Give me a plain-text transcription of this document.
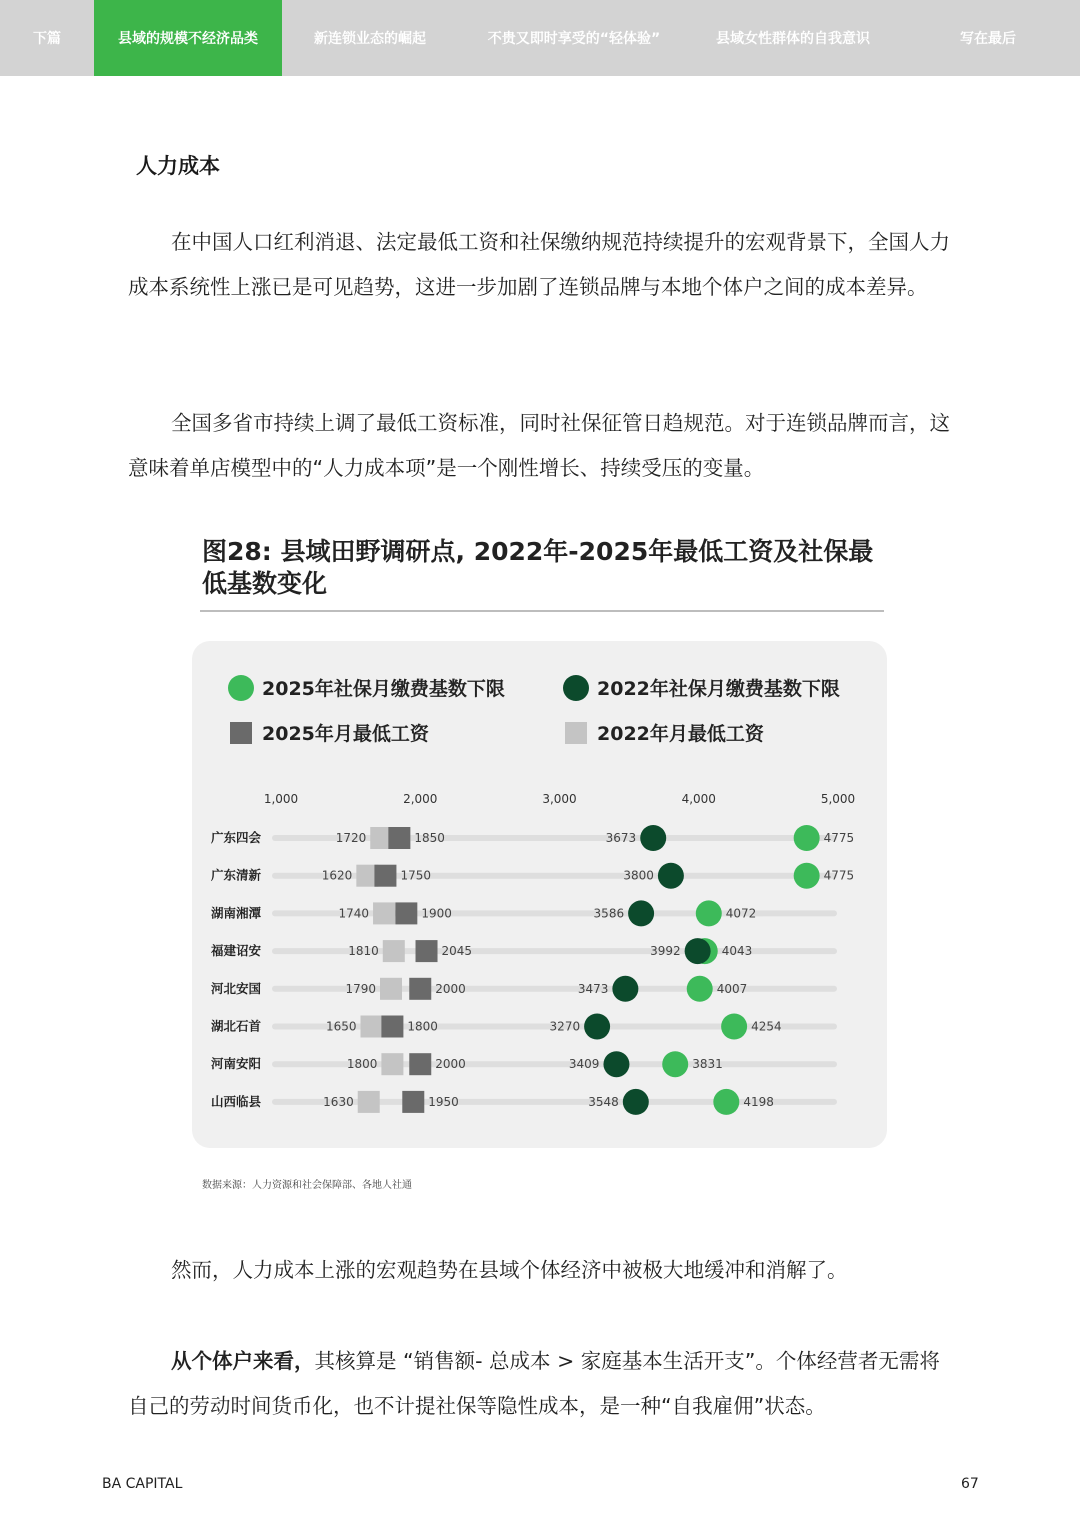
下篇	县域的规模不经济品类	新连锁业态的崛起	不贵又即时享受的“轻体验”	县域女性群体的自我意识	写在最后
人力成本

在中国人口红利消退、法定最低工资和社保缴纳规范持续提升的宏观背景下，全国人力成本系统性上涨已是可见趋势，这进一步加剧了连锁品牌与本地个体户之间的成本差异。

全国多省市持续上调了最低工资标准，同时社保征管日趋规范。对于连锁品牌而言，这意味着单店模型中的“人力成本项”是一个刚性增长、持续受压的变量。

图28: 县域田野调研点, 2022年-2025年最低工资及社保最低基数变化
2025年社保月缴费基数下限	2022年社保月缴费基数下限
2025年月最低工资	2022年月最低工资
1,000	2,000	3,000	4,000	5,000
广东四会	1720	1850	3673	4775
广东清新	1620	1750	3800	4775
湖南湘潭	1740	1900	3586	4072
福建诏安	1810	2045	3992	4043
河北安国	1790	2000	3473	4007
湖北石首	1650	1800	3270	4254
河南安阳	1800	2000	3409	3831
山西临县	1630	1950	3548	4198
数据来源：人力资源和社会保障部、各地人社通

然而，人力成本上涨的宏观趋势在县域个体经济中被极大地缓冲和消解了。

从个体户来看，其核算是 “销售额- 总成本 > 家庭基本生活开支”。个体经营者无需将自己的劳动时间货币化，也不计提社保等隐性成本，是一种“自我雇佣”状态。

BA CAPITAL	67
